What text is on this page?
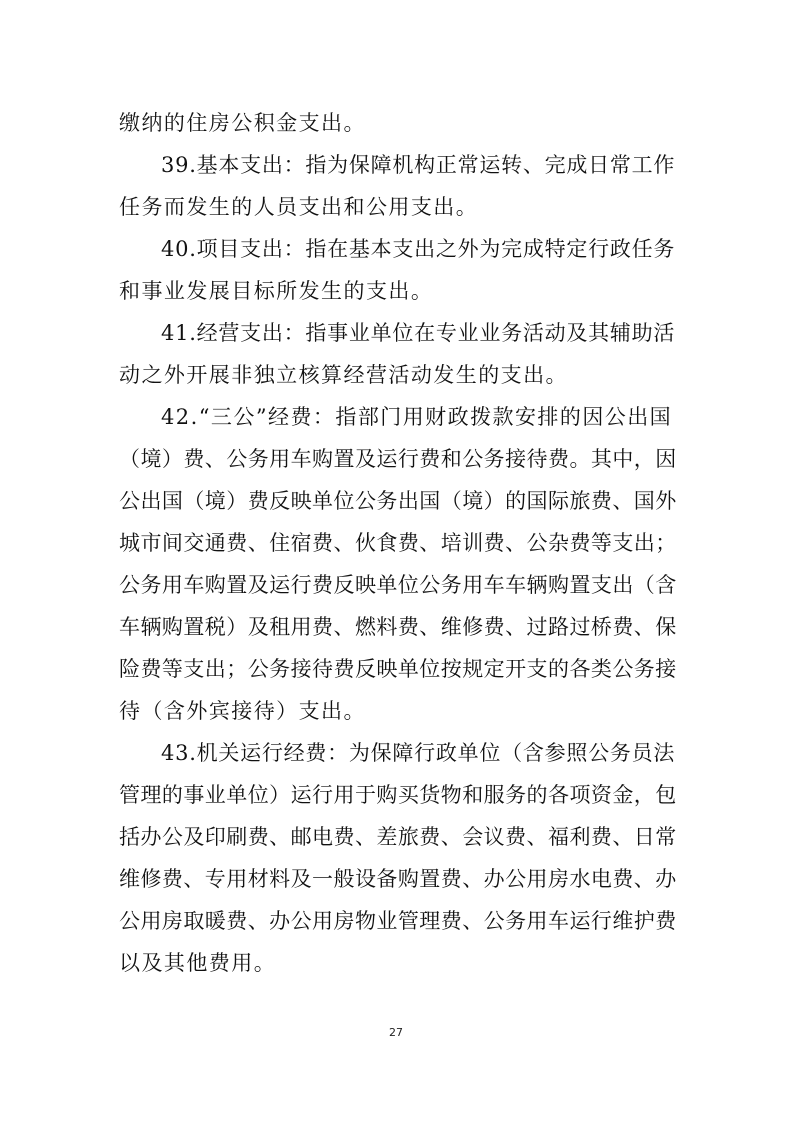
缴纳的住房公积金支出。
39.基本支出：指为保障机构正常运转、完成日常工作
任务而发生的人员支出和公用支出。
40.项目支出：指在基本支出之外为完成特定行政任务
和事业发展目标所发生的支出。
41.经营支出：指事业单位在专业业务活动及其辅助活
动之外开展非独立核算经营活动发生的支出。
42.“三公”经费：指部门用财政拨款安排的因公出国
（境）费、公务用车购置及运行费和公务接待费。其中，因
公出国（境）费反映单位公务出国（境）的国际旅费、国外
城市间交通费、住宿费、伙食费、培训费、公杂费等支出；
公务用车购置及运行费反映单位公务用车车辆购置支出（含
车辆购置税）及租用费、燃料费、维修费、过路过桥费、保
险费等支出；公务接待费反映单位按规定开支的各类公务接
待（含外宾接待）支出。
43.机关运行经费：为保障行政单位（含参照公务员法
管理的事业单位）运行用于购买货物和服务的各项资金，包
括办公及印刷费、邮电费、差旅费、会议费、福利费、日常
维修费、专用材料及一般设备购置费、办公用房水电费、办
公用房取暖费、办公用房物业管理费、公务用车运行维护费
以及其他费用。
27
